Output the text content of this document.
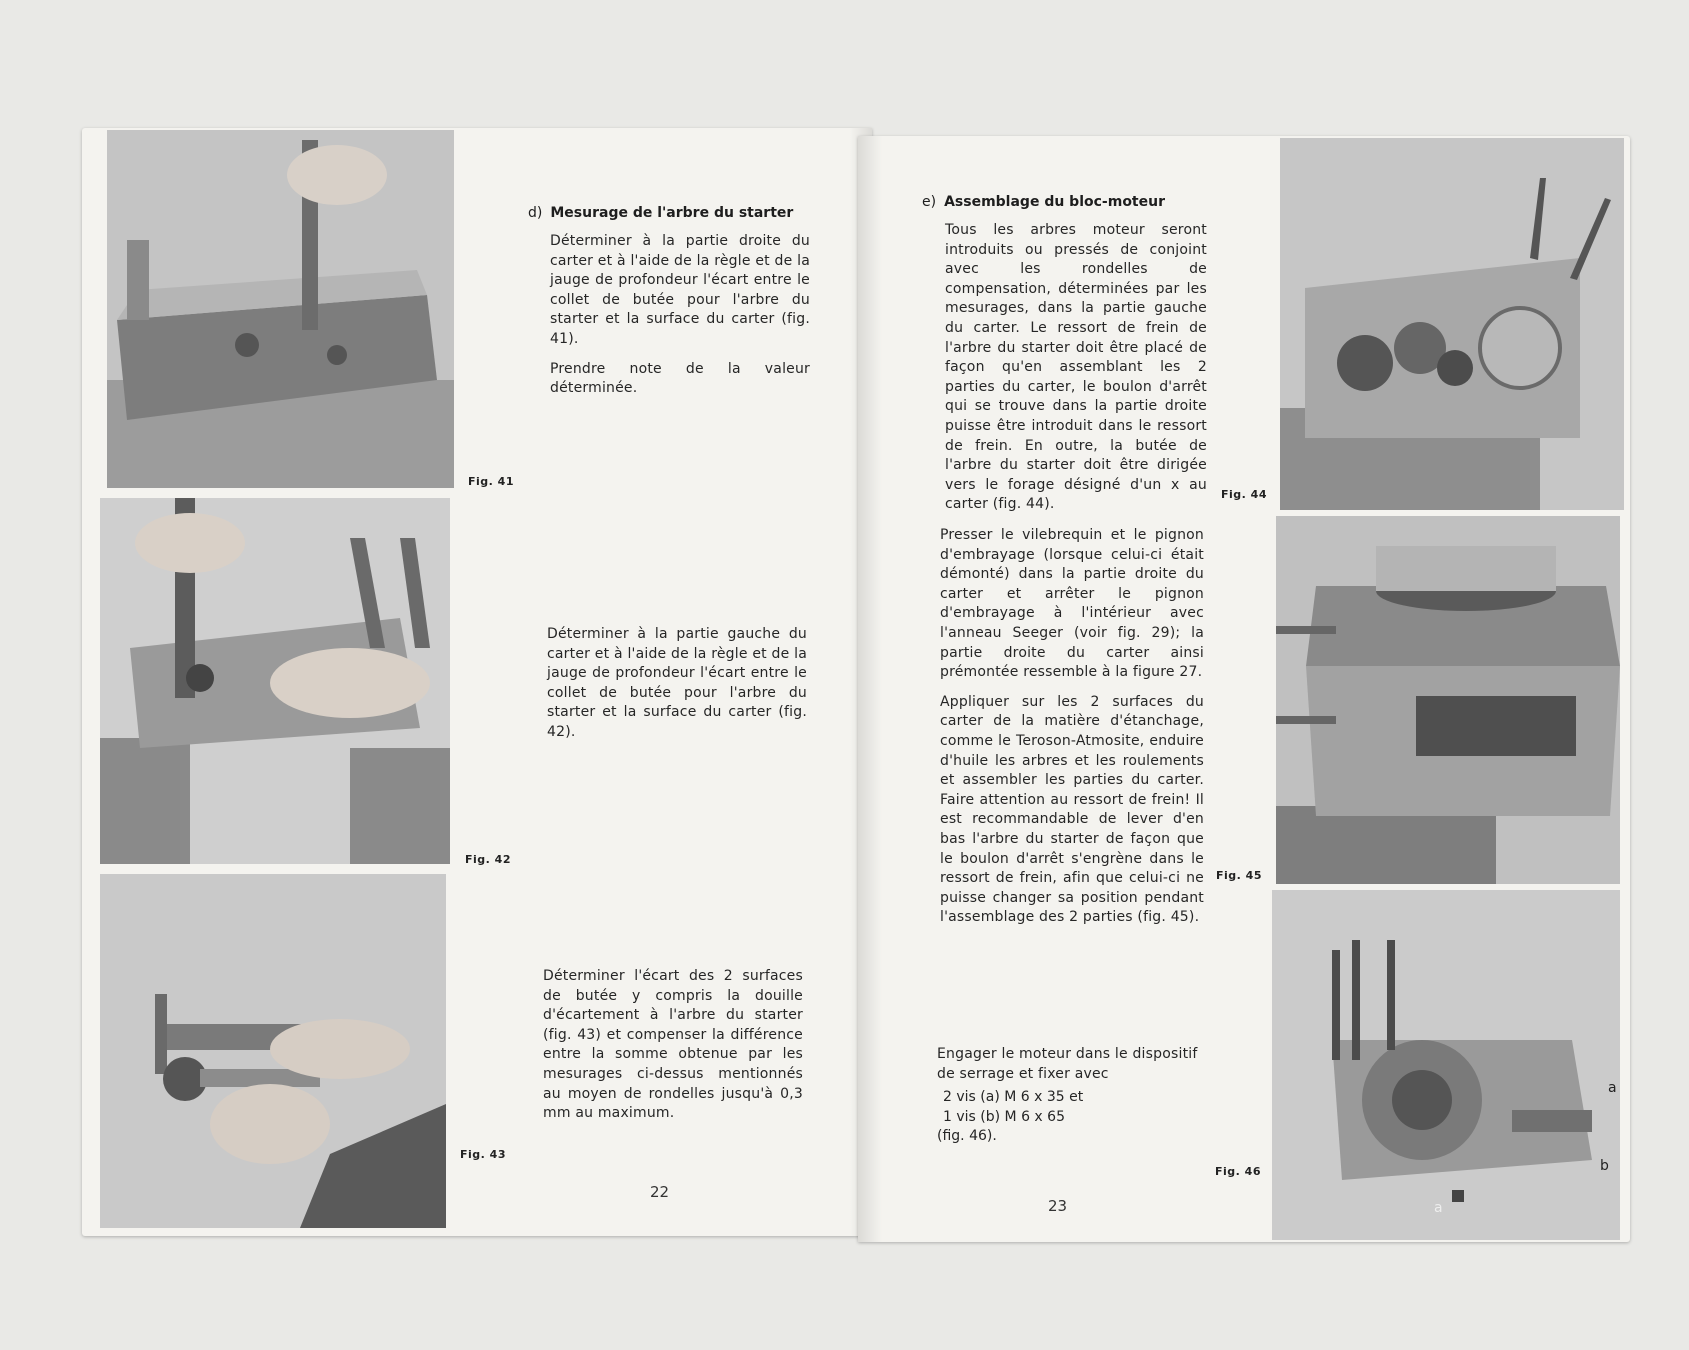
Fig. 41
Fig. 42
Fig. 43
d) Mesurage de l'arbre du starter

Déterminer à la partie droite du carter et à l'aide de la règle et de la jauge de profondeur l'écart entre le collet de butée pour l'arbre du starter et la surface du carter (fig. 41).

Prendre note de la valeur déterminée.

Déterminer à la partie gauche du carter et à l'aide de la règle et de la jauge de profondeur l'écart entre le collet de butée pour l'arbre du starter et la surface du carter (fig. 42).
Déterminer l'écart des 2 surfaces de butée y compris la douille d'écartement à l'arbre du starter (fig. 43) et compenser la différence entre la somme obtenue par les mesurages ci-dessus mentionnés au moyen de rondelles jusqu'à 0,3 mm au maximum.
22
Fig. 44
Fig. 45
Fig. 46
a
b
a
e) Assemblage du bloc-moteur
Tous les arbres moteur seront introduits ou pressés de conjoint avec les rondelles de compensation, déterminées par les mesurages, dans la partie gauche du carter. Le ressort de frein de l'arbre du starter doit être placé de façon qu'en assemblant les 2 parties du carter, le boulon d'arrêt qui se trouve dans la partie droite puisse être introduit dans le ressort de frein. En outre, la butée de l'arbre du starter doit être dirigée vers le forage désigné d'un x au carter (fig. 44).

Presser le vilebrequin et le pignon d'embrayage (lorsque celui-ci était démonté) dans la partie droite du carter et arrêter le pignon d'embrayage à l'intérieur avec l'anneau Seeger (voir fig. 29); la partie droite du carter ainsi prémontée ressemble à la figure 27.

Appliquer sur les 2 surfaces du carter de la matière d'étanchage, comme le Teroson-Atmosite, enduire d'huile les arbres et les roulements et assembler les parties du carter. Faire attention au ressort de frein! Il est recommandable de lever d'en bas l'arbre du starter de façon que le boulon d'arrêt s'engrène dans le ressort de frein, afin que celui-ci ne puisse changer sa position pendant l'assemblage des 2 parties (fig. 45).

Engager le moteur dans le dispositif de serrage et fixer avec
2 vis (a) M 6 x 35 et
1 vis (b) M 6 x 65
(fig. 46).
23
